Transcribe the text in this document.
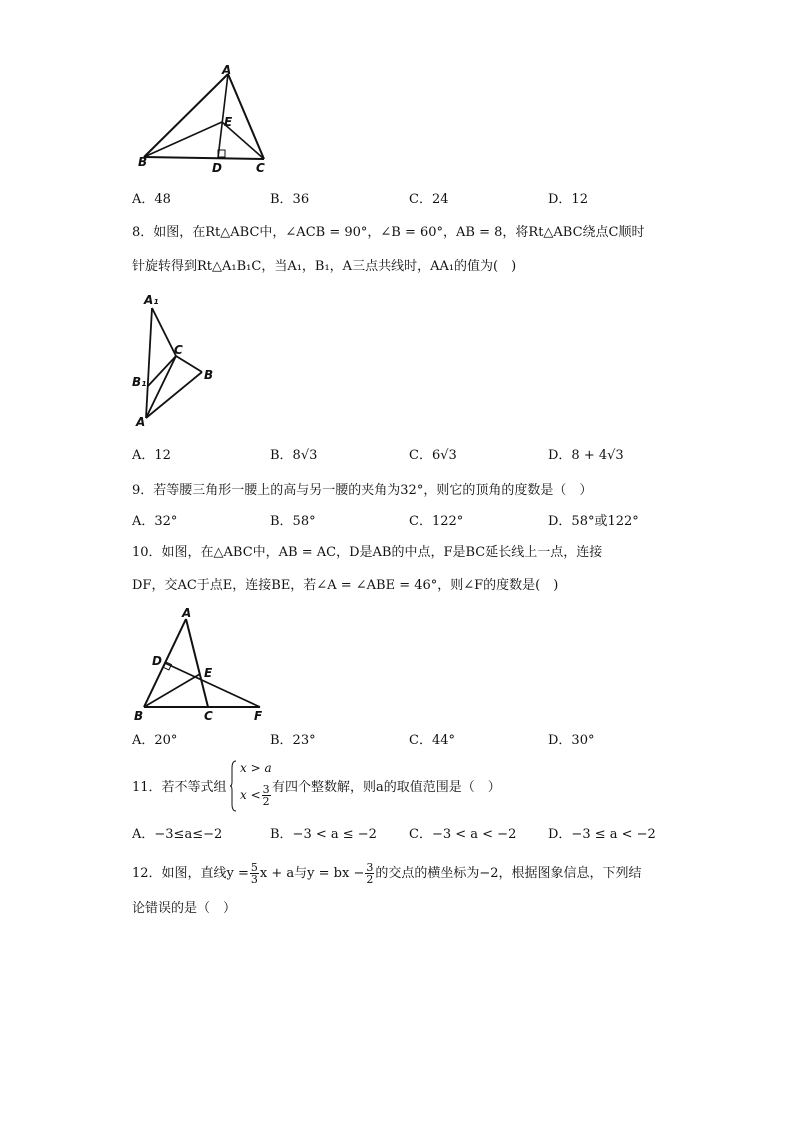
A
E
B	D	C
A．48	B．36	C．24	D．12
8．如图，在Rt△ABC中，∠ACB = 90°，∠B = 60°，AB = 8，将Rt△ABC绕点C顺时
针旋转得到Rt△A₁B₁C，当A₁，B₁，A三点共线时，AA₁的值为(　)
A₁
C
B₁	B
A
A．12	B．8√3	C．6√3	D．8 + 4√3
9．若等腰三角形一腰上的高与另一腰的夹角为32°，则它的顶角的度数是（　）
A．32°	B．58°	C．122°	D．58°或122°
10．如图，在△ABC中，AB = AC，D是AB的中点，F是BC延长线上一点，连接
DF，交AC于点E，连接BE，若∠A = ∠ABE = 46°，则∠F的度数是(　)
A
D
E
B	C	F
A．20°	B．23°	C．44°	D．30°
11．若不等式组
x > a
$x < \frac{3}{2}$ 有四个整数解，则a的取值范围是（　）
A．−3≤a≤−2	B．−3 < a ≤ −2 C．−3 < a < −2 D．−3 ≤ a < −2
12．如图，直线$y = \frac{5}{3}$ x + a与y = bx − $\frac{3}{2}$ 的交点的横坐标为−2，根据图象信息，下列结
论错误的是（　）
